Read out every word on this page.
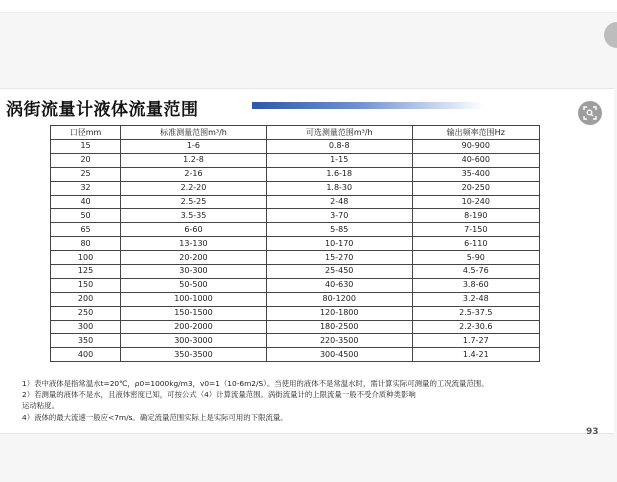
涡街流量计液体流量范围
口径mm	标准测量范围m³/h	可选测量范围m³/h	输出频率范围Hz
15	1-6	0.8-8	90-900
20	1.2-8	1-15	40-600
25	2-16	1.6-18	35-400
32	2.2-20	1.8-30	20-250
40	2.5-25	2-48	10-240
50	3.5-35	3-70	8-190
65	6-60	5-85	7-150
80	13-130	10-170	6-110
100	20-200	15-270	5-90
125	30-300	25-450	4.5-76
150	50-500	40-630	3.8-60
200	100-1000	80-1200	3.2-48
250	150-1500	120-1800	2.5-37.5
300	200-2000	180-2500	2.2-30.6
350	300-3000	220-3500	1.7-27
400	350-3500	300-4500	1.4-21
1）表中液体是指常温水t=20℃，ρ0=1000kg/m3，v0=1（10-6m2/S）。当使用的液体不是常温水时，需计算实际可测量的工况流量范围。
2）若测量的液体不是水，且液体密度已知，可按公式（4）计算流量范围。涡街流量计的上限流量一般不受介质种类影响
运动粘度。
4）液体的最大流速一般应<7m/s。确定流量范围实际上是实际可用的下限流量。
93
